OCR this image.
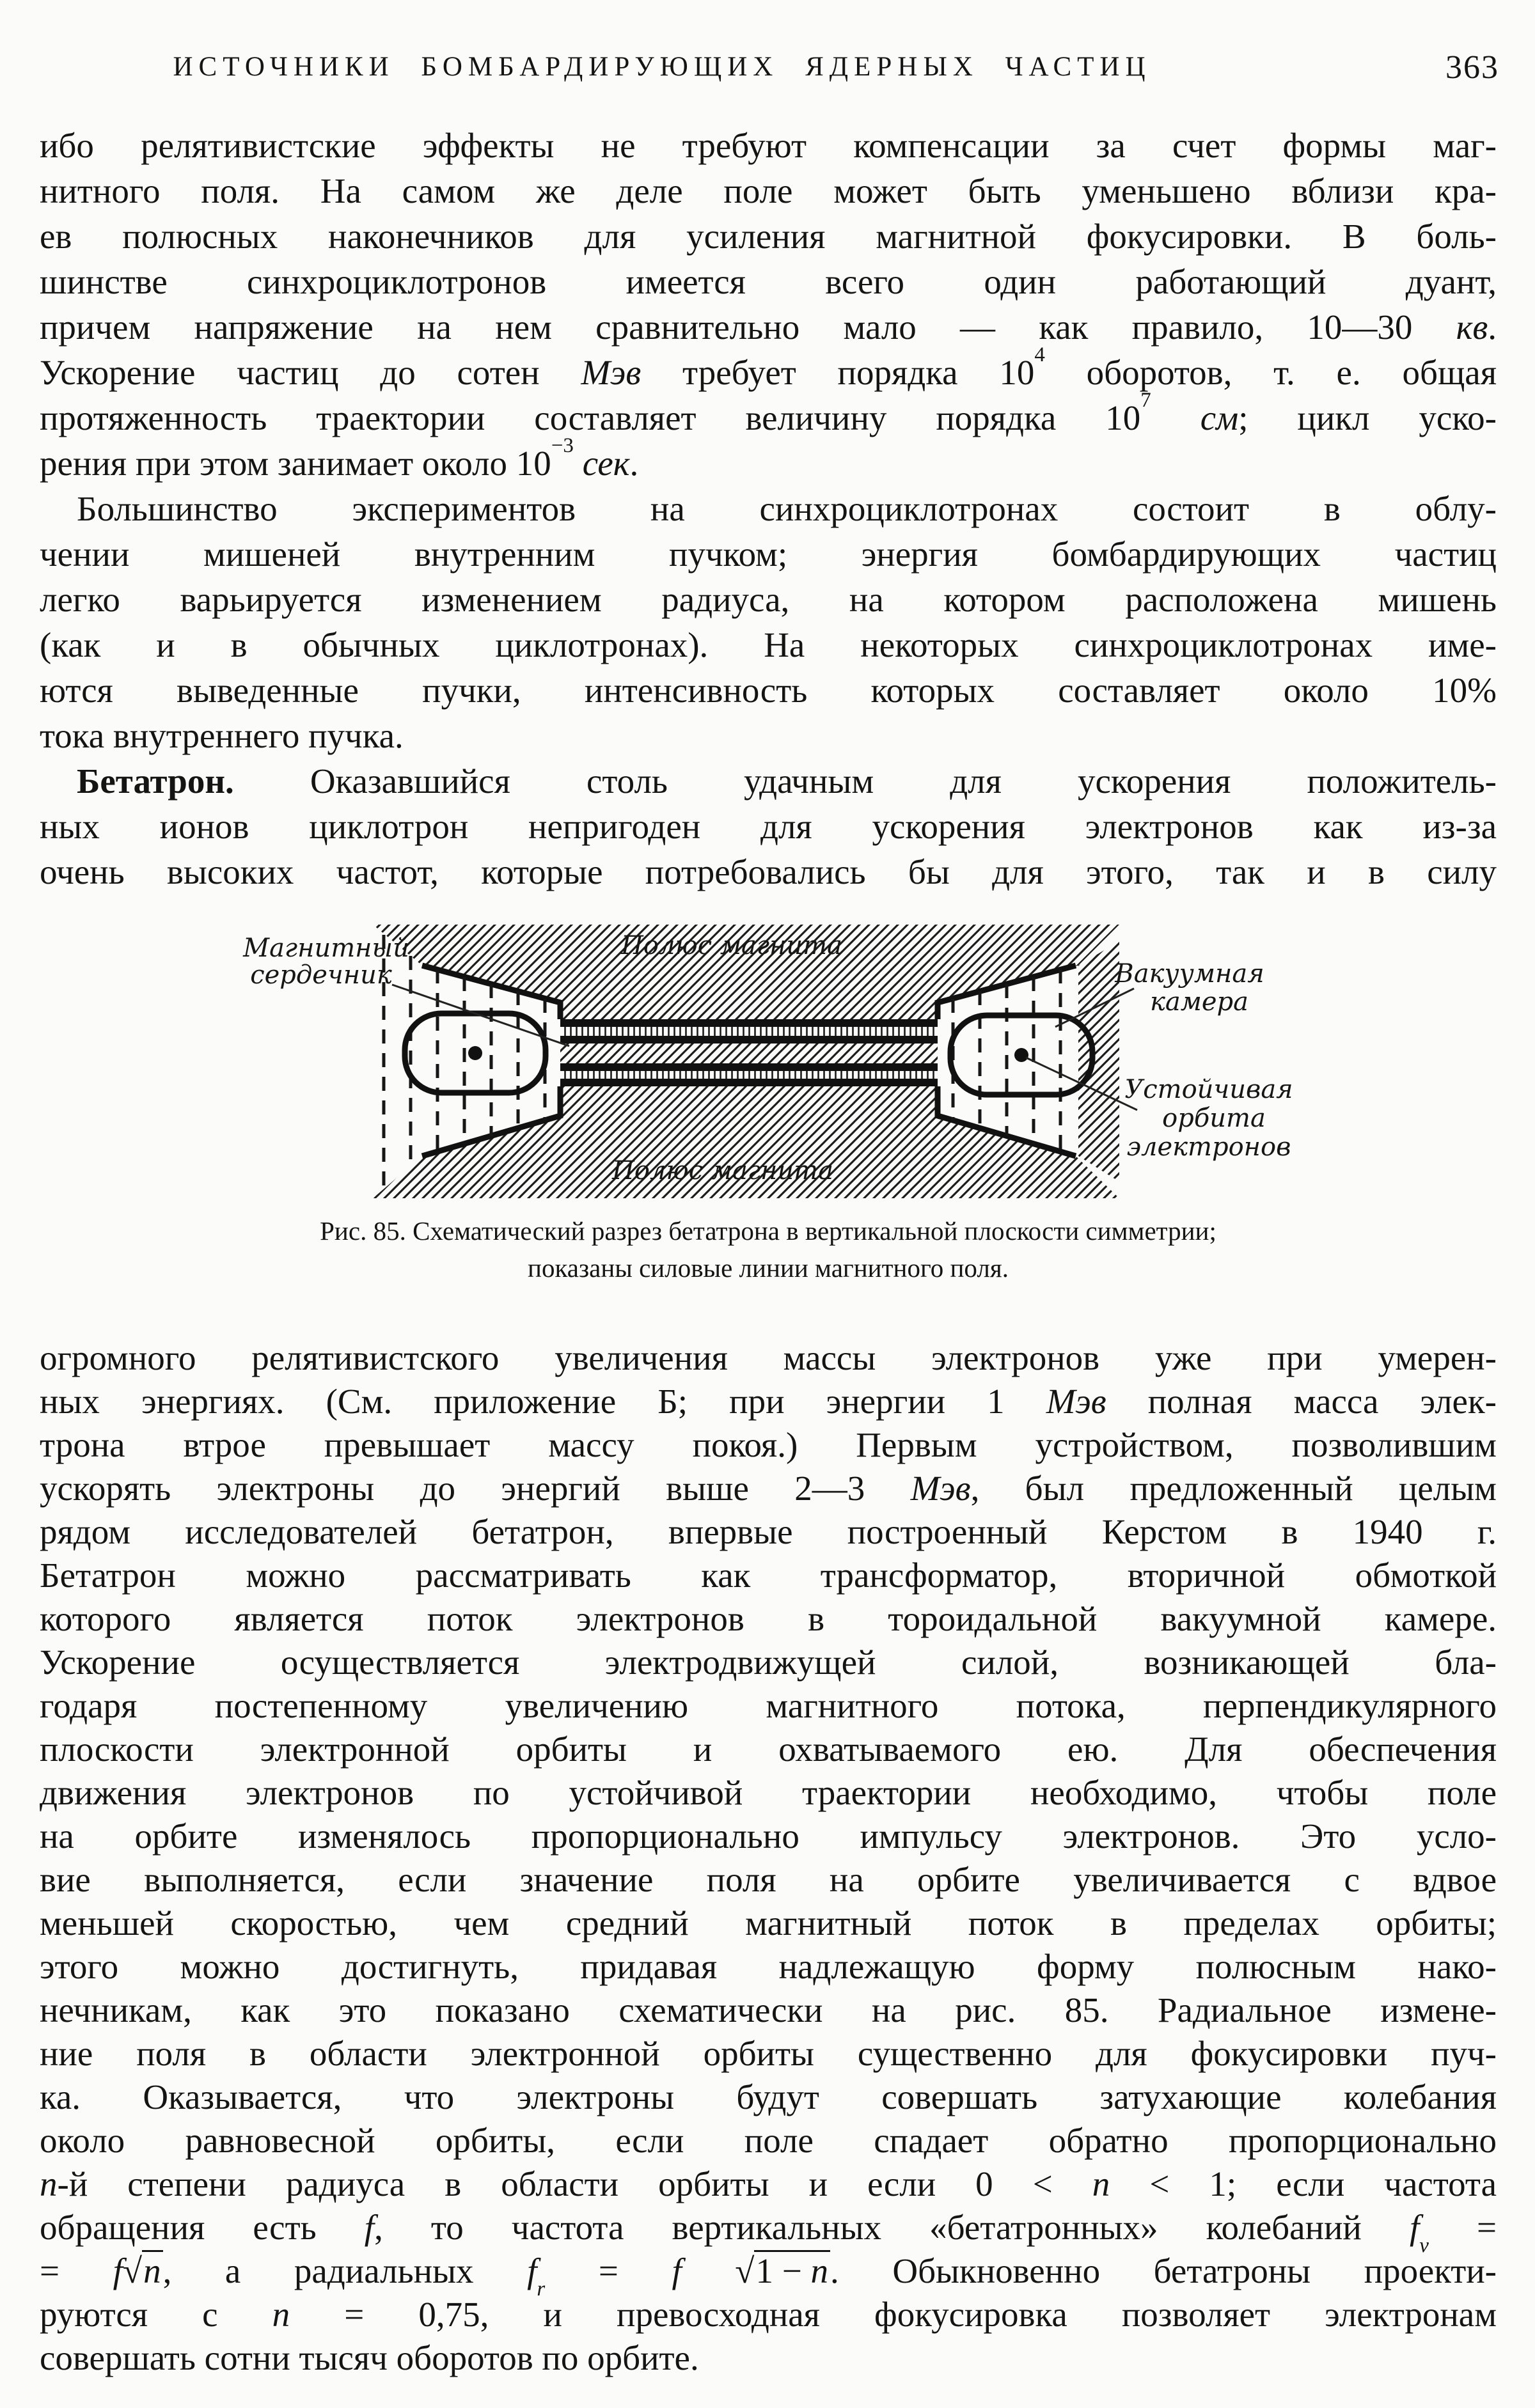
ИСТОЧНИКИ БОМБАРДИРУЮЩИХ ЯДЕРНЫХ ЧАСТИЦ	363
ибо релятивистские эффекты не требуют компенсации за счет формы маг-
нитного поля. На самом же деле поле может быть уменьшено вблизи кра-
ев полюсных наконечников для усиления магнитной фокусировки. В боль-
шинстве синхроциклотронов имеется всего один работающий дуант,
причем напряжение на нем сравнительно мало — как правило, 10—30 кв.
Ускорение частиц до сотен Мэв требует порядка $10^4$ оборотов, т. е. общая
протяженность траектории составляет величину порядка $10^7$ см; цикл уско-
рения при этом занимает около $10^{-3}$ сек.
Большинство экспериментов на синхроциклотронах состоит в облу-
чении мишеней внутренним пучком; энергия бомбардирующих частиц
легко варьируется изменением радиуса, на котором расположена мишень
(как и в обычных циклотронах). На некоторых синхроциклотронах име-
ются выведенные пучки, интенсивность которых составляет около 10%
тока внутреннего пучка.
Бетатрон. Оказавшийся столь удачным для ускорения положитель-
ных ионов циклотрон непригоден для ускорения электронов как из-за
очень высоких частот, которые потребовались бы для этого, так и в силу
Магнитный
сердечник
Полюс магнита
Полюс магнита
Вакуумная
камера
Устойчивая
орбита
электронов
Рис. 85. Схематический разрез бетатрона в вертикальной плоскости симметрии;
показаны силовые линии магнитного поля.
огромного релятивистского увеличения массы электронов уже при умерен-
ных энергиях. (См. приложение Б; при энергии 1 Мэв полная масса элек-
трона втрое превышает массу покоя.) Первым устройством, позволившим
ускорять электроны до энергий выше 2—3 Мэв, был предложенный целым
рядом исследователей бетатрон, впервые построенный Керстом в 1940 г.
Бетатрон можно рассматривать как трансформатор, вторичной обмоткой
которого является поток электронов в тороидальной вакуумной камере.
Ускорение осуществляется электродвижущей силой, возникающей бла-
годаря постепенному увеличению магнитного потока, перпендикулярного
плоскости электронной орбиты и охватываемого ею. Для обеспечения
движения электронов по устойчивой траектории необходимо, чтобы поле
на орбите изменялось пропорционально импульсу электронов. Это усло-
вие выполняется, если значение поля на орбите увеличивается с вдвое
меньшей скоростью, чем средний магнитный поток в пределах орбиты;
этого можно достигнуть, придавая надлежащую форму полюсным нако-
нечникам, как это показано схематически на рис. 85. Радиальное измене-
ние поля в области электронной орбиты существенно для фокусировки пуч-
ка. Оказывается, что электроны будут совершать затухающие колебания
около равновесной орбиты, если поле спадает обратно пропорционально
n-й степени радиуса в области орбиты и если 0 < n < 1; если частота
обращения есть f, то частота вертикальных «бетатронных» колебаний $f_v$ =
= f√n, а радиальных $f_r = f$ √1 − n. Обыкновенно бетатроны проекти-
руются с n = 0,75, и превосходная фокусировка позволяет электронам
совершать сотни тысяч оборотов по орбите.
